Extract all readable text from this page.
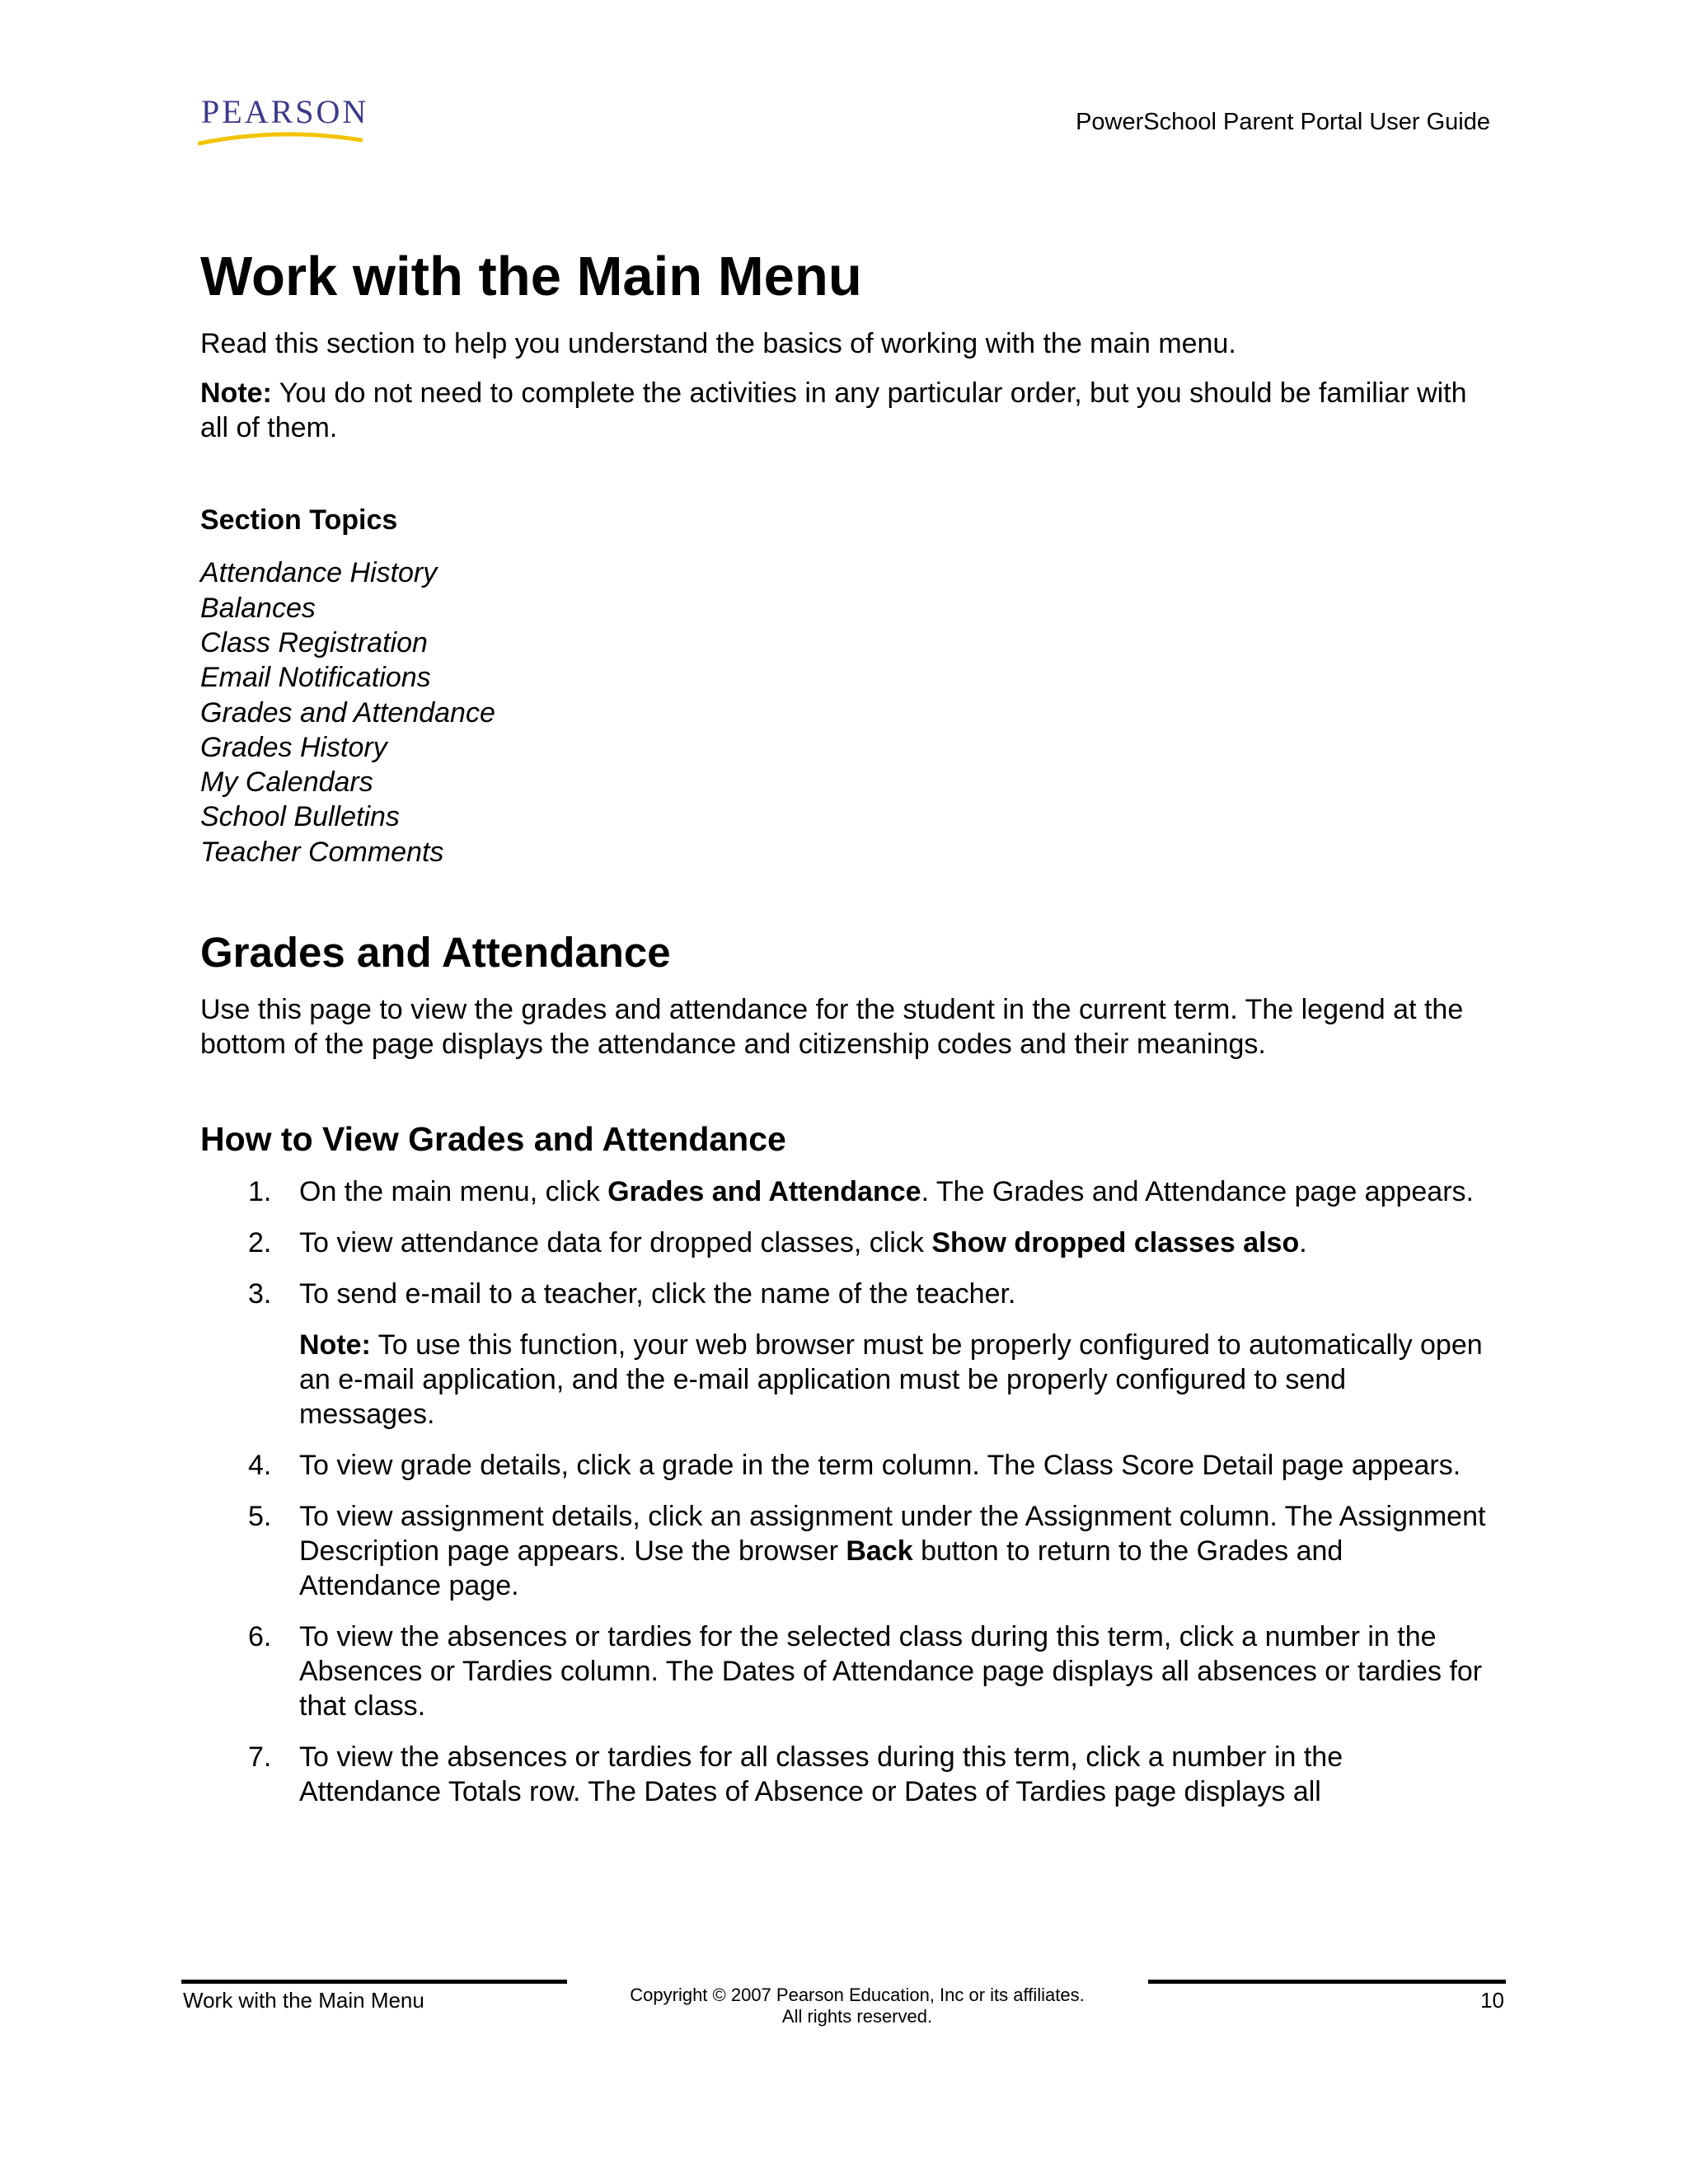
PEARSON	PowerSchool Parent Portal User Guide
Work with the Main Menu

Read this section to help you understand the basics of working with the main menu.

Note: You do not need to complete the activities in any particular order, but you should be familiar with all of them.

Section Topics
Attendance History
Balances
Class Registration
Email Notifications
Grades and Attendance
Grades History
My Calendars
School Bulletins
Teacher Comments
Grades and Attendance

Use this page to view the grades and attendance for the student in the current term. The legend at the bottom of the page displays the attendance and citizenship codes and their meanings.

How to View Grades and Attendance
1. On the main menu, click Grades and Attendance. The Grades and Attendance page appears.
2. To view attendance data for dropped classes, click Show dropped classes also.
3. To send e-mail to a teacher, click the name of the teacher.
Note: To use this function, your web browser must be properly configured to automatically open an e-mail application, and the e-mail application must be properly configured to send messages.
4. To view grade details, click a grade in the term column. The Class Score Detail page appears.
5. To view assignment details, click an assignment under the Assignment column. The Assignment Description page appears. Use the browser Back button to return to the Grades and Attendance page.
6. To view the absences or tardies for the selected class during this term, click a number in the Absences or Tardies column. The Dates of Attendance page displays all absences or tardies for that class.
7. To view the absences or tardies for all classes during this term, click a number in the Attendance Totals row. The Dates of Absence or Dates of Tardies page displays all
Work with the Main Menu	Copyright © 2007 Pearson Education, Inc or its affiliates.
All rights reserved.
10
